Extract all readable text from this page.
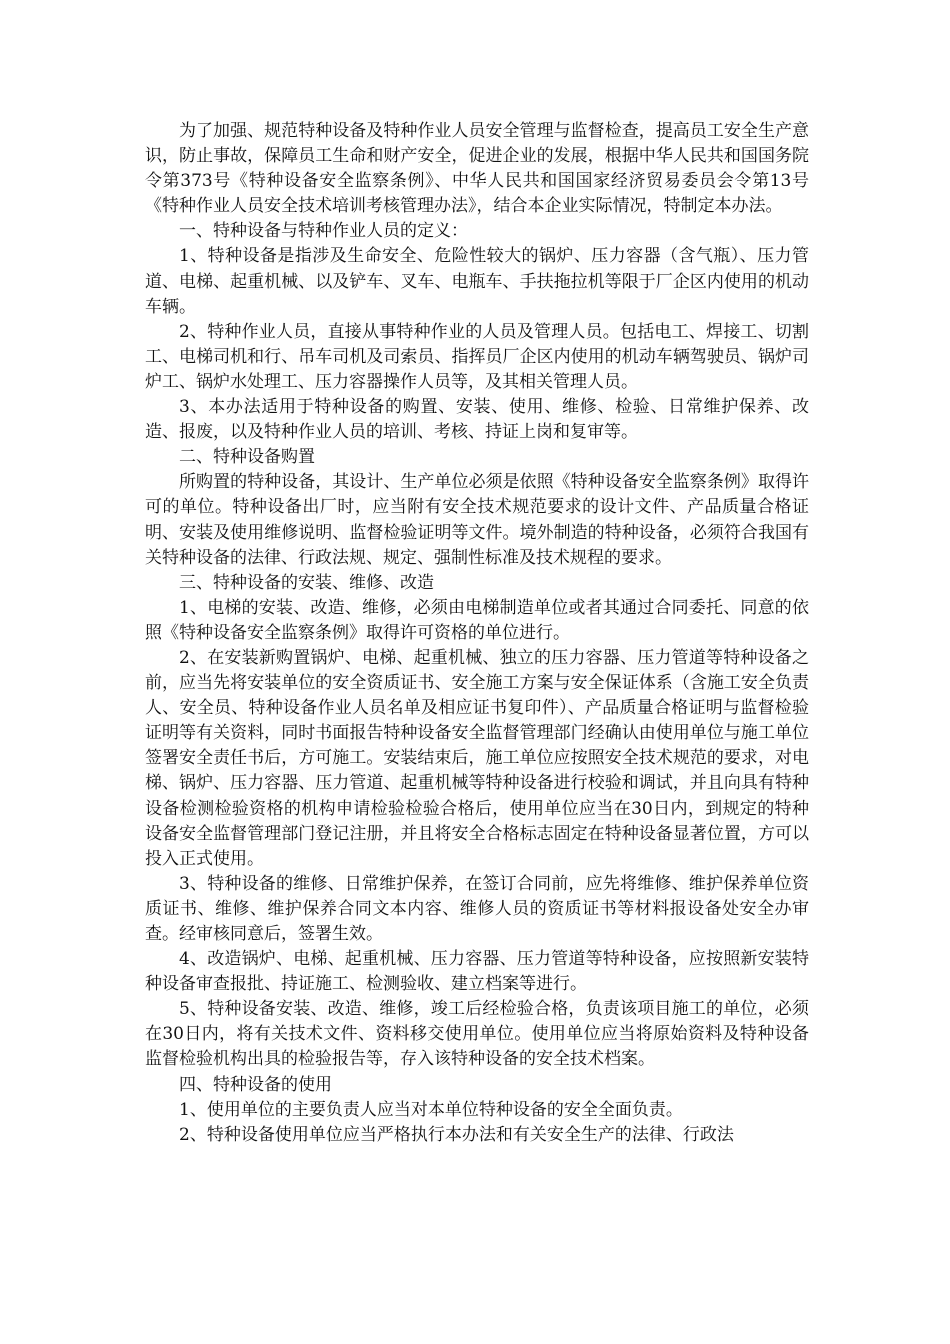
为了加强、规范特种设备及特种作业人员安全管理与监督检查，提高员工安全生产意识，防止事故，保障员工生命和财产安全，促进企业的发展，根据中华人民共和国国务院令第373号《特种设备安全监察条例》、中华人民共和国国家经济贸易委员会令第13号《特种作业人员安全技术培训考核管理办法》，结合本企业实际情况，特制定本办法。

一、特种设备与特种作业人员的定义：

1、特种设备是指涉及生命安全、危险性较大的锅炉、压力容器（含气瓶）、压力管道、电梯、起重机械、以及铲车、叉车、电瓶车、手扶拖拉机等限于厂企区内使用的机动车辆。

2、特种作业人员，直接从事特种作业的人员及管理人员。包括电工、焊接工、切割工、电梯司机和行、吊车司机及司索员、指挥员厂企区内使用的机动车辆驾驶员、锅炉司炉工、锅炉水处理工、压力容器操作人员等，及其相关管理人员。

3、本办法适用于特种设备的购置、安装、使用、维修、检验、日常维护保养、改造、报废，以及特种作业人员的培训、考核、持证上岗和复审等。

二、特种设备购置

所购置的特种设备，其设计、生产单位必须是依照《特种设备安全监察条例》取得许可的单位。特种设备出厂时，应当附有安全技术规范要求的设计文件、产品质量合格证明、安装及使用维修说明、监督检验证明等文件。境外制造的特种设备，必须符合我国有关特种设备的法律、行政法规、规定、强制性标准及技术规程的要求。

三、特种设备的安装、维修、改造

1、电梯的安装、改造、维修，必须由电梯制造单位或者其通过合同委托、同意的依照《特种设备安全监察条例》取得许可资格的单位进行。

2、在安装新购置锅炉、电梯、起重机械、独立的压力容器、压力管道等特种设备之前，应当先将安装单位的安全资质证书、安全施工方案与安全保证体系（含施工安全负责人、安全员、特种设备作业人员名单及相应证书复印件）、产品质量合格证明与监督检验证明等有关资料，同时书面报告特种设备安全监督管理部门经确认由使用单位与施工单位签署安全责任书后，方可施工。安装结束后，施工单位应按照安全技术规范的要求，对电梯、锅炉、压力容器、压力管道、起重机械等特种设备进行校验和调试，并且向具有特种设备检测检验资格的机构申请检验检验合格后，使用单位应当在30日内，到规定的特种设备安全监督管理部门登记注册，并且将安全合格标志固定在特种设备显著位置，方可以投入正式使用。

3、特种设备的维修、日常维护保养，在签订合同前，应先将维修、维护保养单位资质证书、维修、维护保养合同文本内容、维修人员的资质证书等材料报设备处安全办审查。经审核同意后，签署生效。

4、改造锅炉、电梯、起重机械、压力容器、压力管道等特种设备，应按照新安装特种设备审查报批、持证施工、检测验收、建立档案等进行。

5、特种设备安装、改造、维修，竣工后经检验合格，负责该项目施工的单位，必须在30日内，将有关技术文件、资料移交使用单位。使用单位应当将原始资料及特种设备监督检验机构出具的检验报告等，存入该特种设备的安全技术档案。

四、特种设备的使用

1、使用单位的主要负责人应当对本单位特种设备的安全全面负责。

2、特种设备使用单位应当严格执行本办法和有关安全生产的法律、行政法
